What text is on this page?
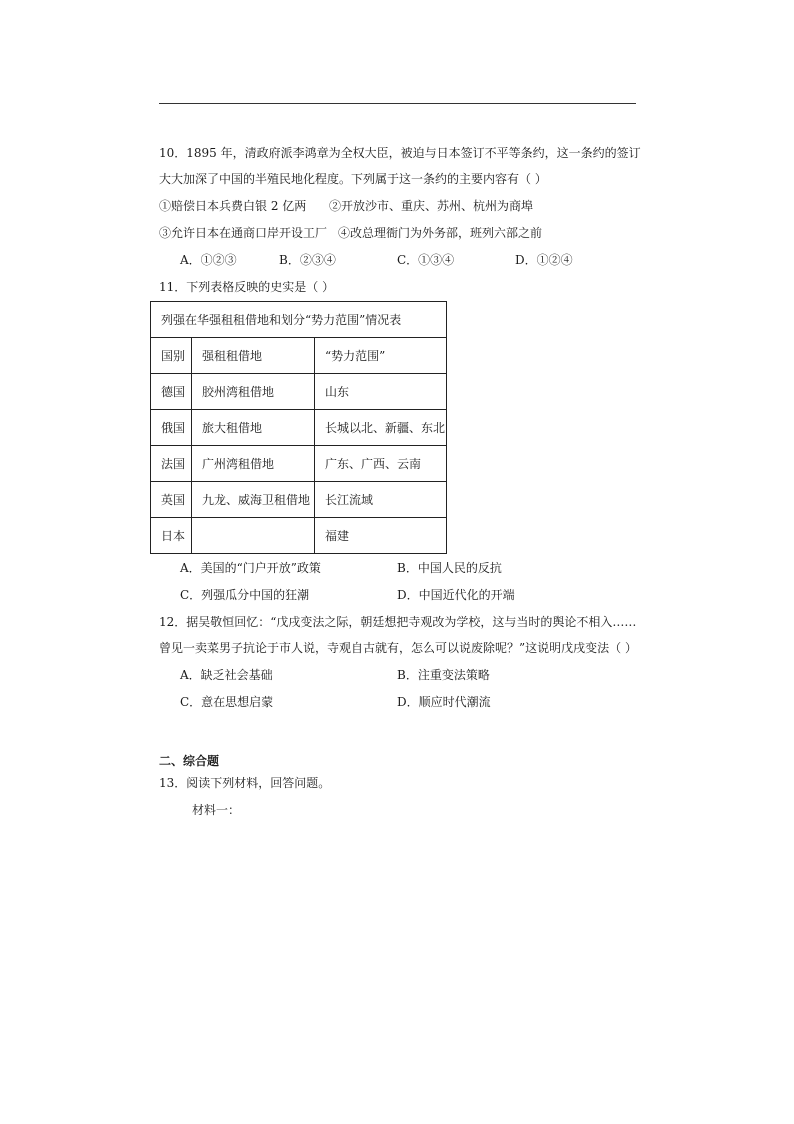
10．1895 年，清政府派李鸿章为全权大臣，被迫与日本签订不平等条约，这一条约的签订
大大加深了中国的半殖民地化程度。下列属于这一条约的主要内容有（ ）
①赔偿日本兵费白银 2 亿两 ②开放沙市、重庆、苏州、杭州为商埠
③允许日本在通商口岸开设工厂 ④改总理衙门为外务部，班列六部之前
A．①②③	B．②③④	C．①③④	D．①②④
11．下列表格反映的史实是（ ）
列强在华强租租借地和划分“势力范围”情况表		
国别	强租租借地	“势力范围”
德国	胶州湾租借地	山东
俄国	旅大租借地	长城以北、新疆、东北
法国	广州湾租借地	广东、广西、云南
英国	九龙、威海卫租借地	长江流域
日本		福建
A．美国的“门户开放”政策	B．中国人民的反抗
C．列强瓜分中国的狂潮	D．中国近代化的开端
12．据吴敬恒回忆：“戊戌变法之际，朝廷想把寺观改为学校，这与当时的舆论不相入……
曾见一卖菜男子抗论于市人说，寺观自古就有，怎么可以说废除呢？”这说明戊戌变法（ ）
A．缺乏社会基础	B．注重变法策略
C．意在思想启蒙	D．顺应时代潮流
二、综合题
13．阅读下列材料，回答问题。
材料一：
